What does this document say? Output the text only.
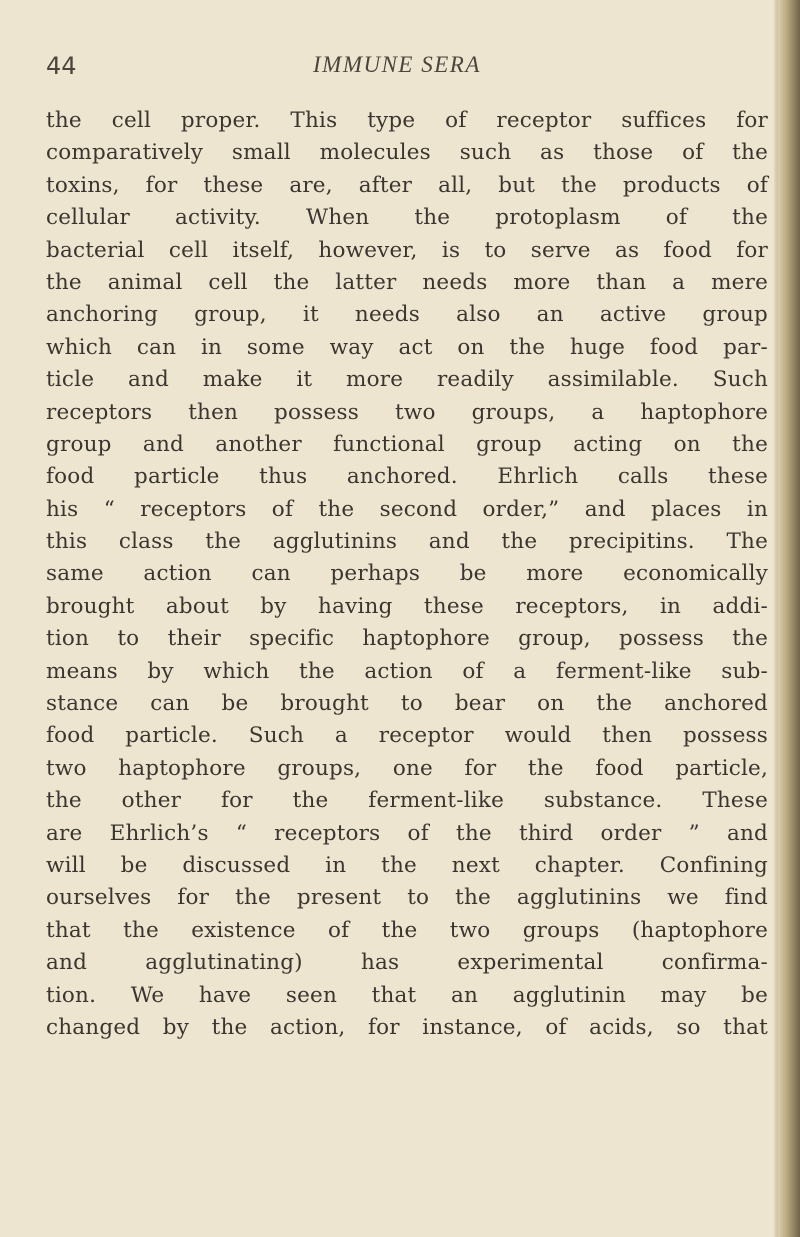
44	IMMUNE SERA
the cell proper. This type of receptor suffices for
comparatively small molecules such as those of the
toxins, for these are, after all, but the products of
cellular activity. When the protoplasm of the
bacterial cell itself, however, is to serve as food for
the animal cell the latter needs more than a mere
anchoring group, it needs also an active group
which can in some way act on the huge food par-
ticle and make it more readily assimilable. Such
receptors then possess two groups, a haptophore
group and another functional group acting on the
food particle thus anchored. Ehrlich calls these
his “ receptors of the second order,” and places in
this class the agglutinins and the precipitins. The
same action can perhaps be more economically
brought about by having these receptors, in addi-
tion to their specific haptophore group, possess the
means by which the action of a ferment-like sub-
stance can be brought to bear on the anchored
food particle. Such a receptor would then possess
two haptophore groups, one for the food particle,
the other for the ferment-like substance. These
are Ehrlich’s “ receptors of the third order ” and
will be discussed in the next chapter. Confining
ourselves for the present to the agglutinins we find
that the existence of the two groups (haptophore
and agglutinating) has experimental confirma-
tion. We have seen that an agglutinin may be
changed by the action, for instance, of acids, so that
